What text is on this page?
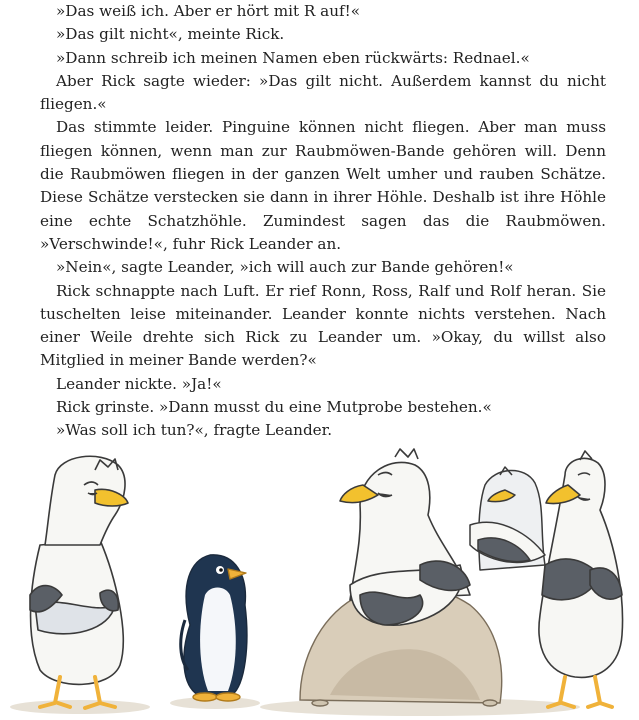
»Das weiß ich. Aber er hört mit R auf!«

»Das gilt nicht«, meinte Rick.

»Dann schreib ich meinen Namen eben rückwärts: Rednael.«

Aber Rick sagte wieder: »Das gilt nicht. Außerdem kannst du nicht fliegen.«

Das stimmte leider. Pinguine können nicht fliegen. Aber man muss fliegen können, wenn man zur Raubmöwen-Bande gehören will. Denn die Raubmöwen fliegen in der ganzen Welt umher und rauben Schätze. Diese Schätze verstecken sie dann in ihrer Höhle. Deshalb ist ihre Höhle eine echte Schatzhöhle. Zumindest sagen das die Raubmöwen. »Verschwinde!«, fuhr Rick Leander an.

»Nein«, sagte Leander, »ich will auch zur Bande gehören!«

Rick schnappte nach Luft. Er rief Ronn, Ross, Ralf und Rolf heran. Sie tuschelten leise miteinander. Leander konnte nichts verstehen. Nach einer Weile drehte sich Rick zu Leander um. »Okay, du willst also Mitglied in meiner Bande werden?«

Leander nickte. »Ja!«

Rick grinste. »Dann musst du eine Mutprobe bestehen.«

»Was soll ich tun?«, fragte Leander.
